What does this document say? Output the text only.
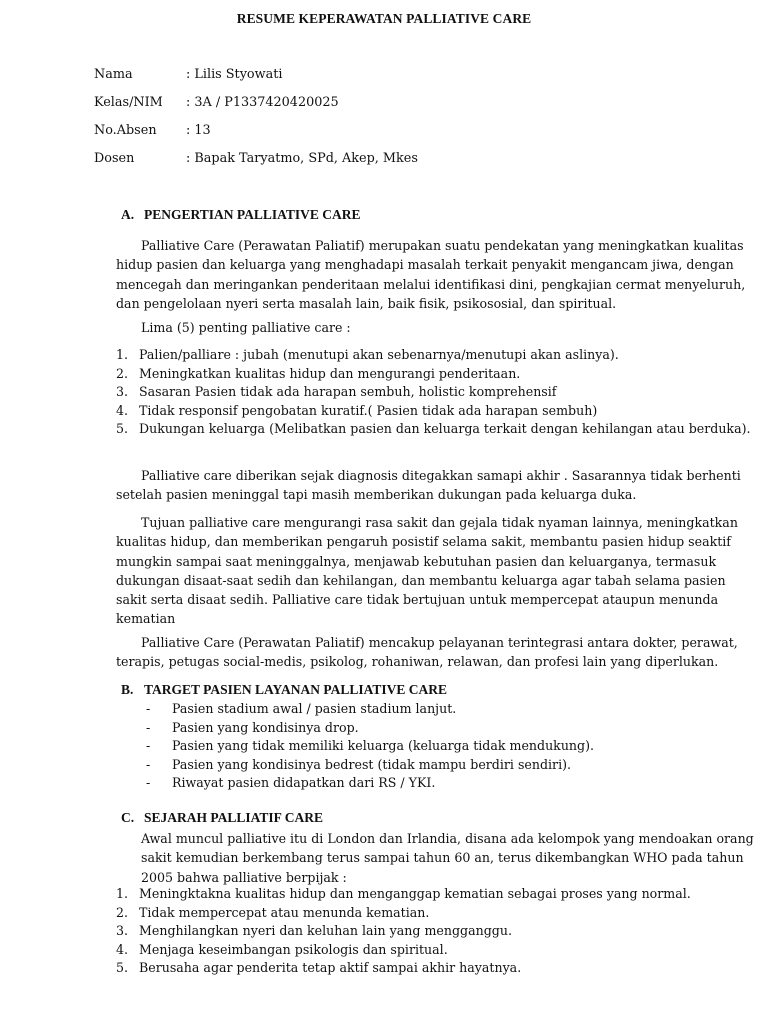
RESUME KEPERAWATAN PALLIATIVE CARE
Nama	: Lilis Styowati
Kelas/NIM : 3A / P1337420420025
No.Absen : 13
Dosen	: Bapak Taryatmo, SPd, Akep, Mkes
A. PENGERTIAN PALLIATIVE CARE

Palliative Care (Perawatan Paliatif) merupakan suatu pendekatan yang meningkatkan kualitas hidup pasien dan keluarga yang menghadapi masalah terkait penyakit mengancam jiwa, dengan mencegah dan meringankan penderitaan melalui identifikasi dini, pengkajian cermat menyeluruh, dan pengelolaan nyeri serta masalah lain, baik fisik, psikososial, dan spiritual.

Lima (5) penting palliative care :

1. Palien/palliare : jubah (menutupi akan sebenarnya/menutupi akan aslinya).
2. Meningkatkan kualitas hidup dan mengurangi penderitaan.
3. Sasaran Pasien tidak ada harapan sembuh, holistic komprehensif
4. Tidak responsif pengobatan kuratif.( Pasien tidak ada harapan sembuh)
5. Dukungan keluarga (Melibatkan pasien dan keluarga terkait dengan kehilangan atau berduka).

Palliative care diberikan sejak diagnosis ditegakkan samapi akhir . Sasarannya tidak berhenti setelah pasien meninggal tapi masih memberikan dukungan pada keluarga duka.

Tujuan palliative care mengurangi rasa sakit dan gejala tidak nyaman lainnya, meningkatkan kualitas hidup, dan memberikan pengaruh posistif selama sakit, membantu pasien hidup seaktif mungkin sampai saat meninggalnya, menjawab kebutuhan pasien dan keluarganya, termasuk dukungan disaat-saat sedih dan kehilangan, dan membantu keluarga agar tabah selama pasien sakit serta disaat sedih. Palliative care tidak bertujuan untuk mempercepat ataupun menunda kematian

Palliative Care (Perawatan Paliatif) mencakup pelayanan terintegrasi antara dokter, perawat, terapis, petugas social-medis, psikolog, rohaniwan, relawan, dan profesi lain yang diperlukan.

B. TARGET PASIEN LAYANAN PALLIATIVE CARE
- Pasien stadium awal / pasien stadium lanjut.
- Pasien yang kondisinya drop.
- Pasien yang tidak memiliki keluarga (keluarga tidak mendukung).
- Pasien yang kondisinya bedrest (tidak mampu berdiri sendiri).
- Riwayat pasien didapatkan dari RS / YKI.
C. SEJARAH PALLIATIF CARE

Awal muncul palliative itu di London dan Irlandia, disana ada kelompok yang mendoakan orang sakit kemudian berkembang terus sampai tahun 60 an, terus dikembangkan WHO pada tahun 2005 bahwa palliative berpijak :

1. Meningktakna kualitas hidup dan menganggap kematian sebagai proses yang normal.
2. Tidak mempercepat atau menunda kematian.
3. Menghilangkan nyeri dan keluhan lain yang mengganggu.
4. Menjaga keseimbangan psikologis dan spiritual.
5. Berusaha agar penderita tetap aktif sampai akhir hayatnya.
